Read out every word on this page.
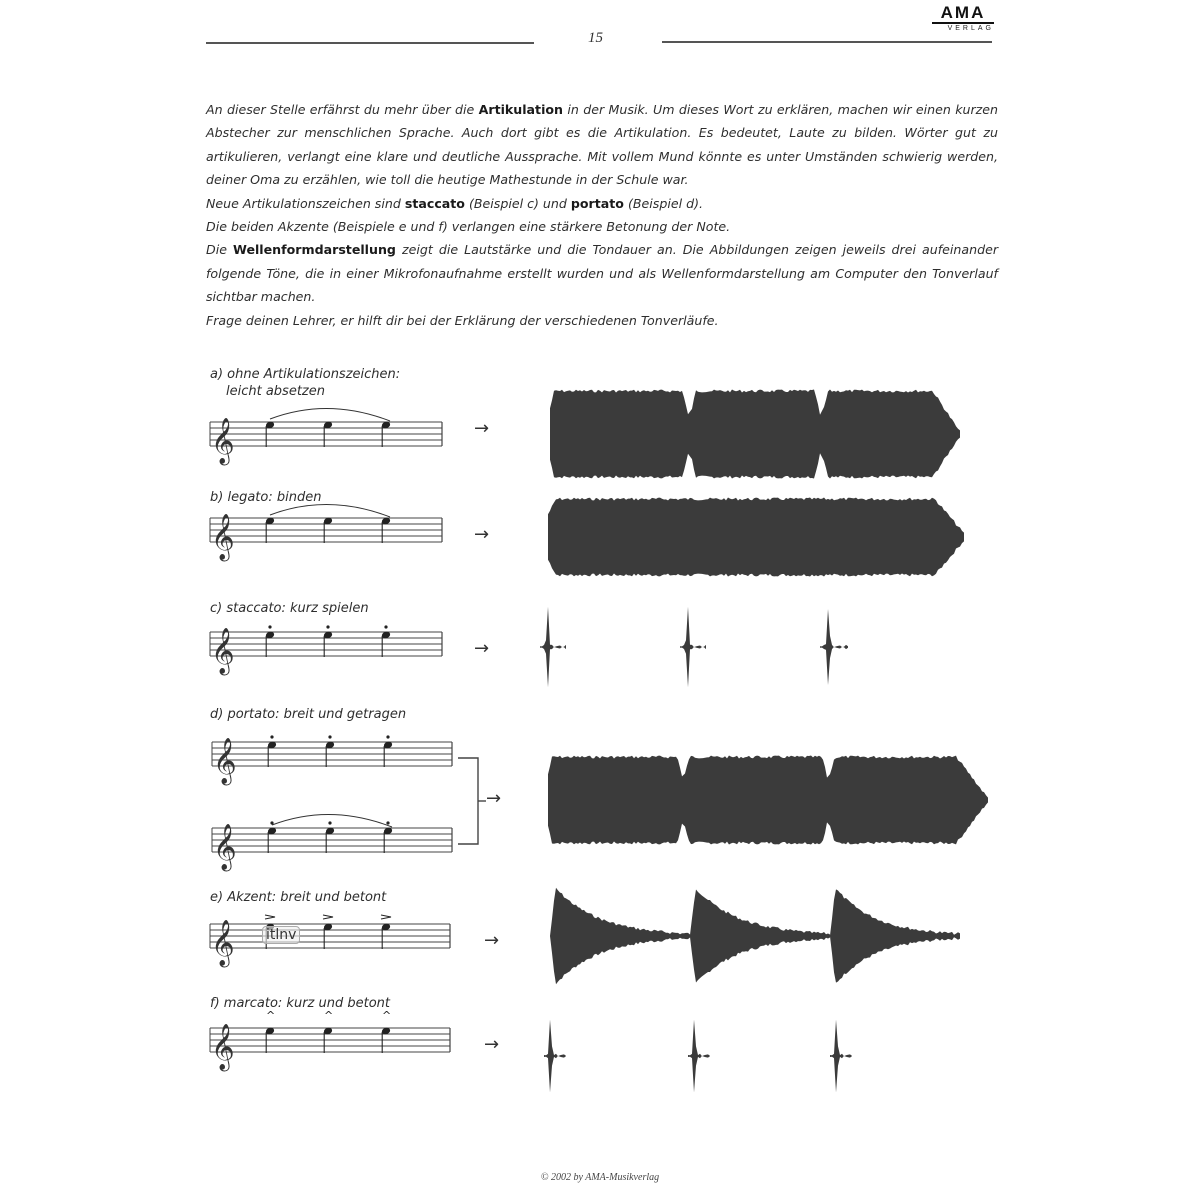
15
AMA
VERLAG

An dieser Stelle erfährst du mehr über die Artikulation in der Musik. Um dieses Wort zu erklären, machen wir einen kurzen Abstecher zur menschlichen Sprache. Auch dort gibt es die Artikulation. Es bedeutet, Laute zu bilden. Wörter gut zu artikulieren, verlangt eine klare und deutliche Aussprache. Mit vollem Mund könnte es unter Umständen schwierig werden, deiner Oma zu erzählen, wie toll die heutige Mathestunde in der Schule war.

Neue Artikulationszeichen sind staccato (Beispiel c) und portato (Beispiel d).

Die beiden Akzente (Beispiele e und f) verlangen eine stärkere Betonung der Note.

Die Wellenformdarstellung zeigt die Lautstärke und die Tondauer an. Die Abbildungen zeigen jeweils drei aufeinander folgende Töne, die in einer Mikrofonaufnahme erstellt wurden und als Wellenformdarstellung am Computer den Tonverlauf sichtbar machen.

Frage deinen Lehrer, er hilft dir bei der Erklärung der verschiedenen Tonverläufe.

a) ohne Artikulationszeichen:
leicht absetzen
b) legato: binden
c) staccato: kurz spielen
d) portato: breit und getragen
e) Akzent: breit und betont
f) marcato: kurz und betont
𝄞
𝄞
𝄞
𝄞
𝄞
𝄞
𝄞
^	^	^
itlnv
→
→
→
→
→
→
© 2002 by AMA-Musikverlag
